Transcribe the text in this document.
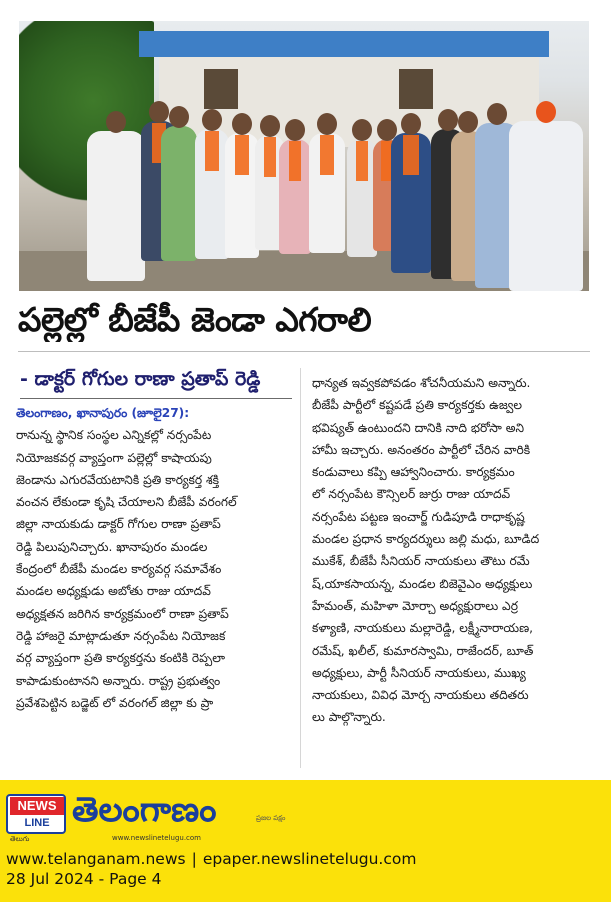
పల్లెల్లో బీజేపీ జెండా ఎగరాలి
- డాక్టర్ గోగుల రాణా ప్రతాప్ రెడ్డి
తెలంగాణం, ఖానాపురం (జూలై27):
రానున్న స్థానిక సంస్థల ఎన్నికల్లో నర్సంపేట
నియోజకవర్గ వ్యాప్తంగా పల్లెల్లో కాషాయపు
జెండాను ఎగురవేయటానికి ప్రతి కార్యకర్త శక్తి
వంచన లేకుండా కృషి చేయాలని బీజేపీ వరంగల్
జిల్లా నాయకుడు డాక్టర్ గోగుల రాణా ప్రతాప్
రెడ్డి పిలుపునిచ్చారు. ఖానాపురం మండల
కేంద్రంలో బీజేపీ మండల కార్యవర్గ సమావేశం
మండల అధ్యక్షుడు అబోతు రాజు యాదవ్
అధ్యక్షతన జరిగిన కార్యక్రమంలో రాణా ప్రతాప్
రెడ్డి హాజరై మాట్లాడుతూ నర్సంపేట నియోజక
వర్గ వ్యాప్తంగా ప్రతి కార్యకర్తను కంటికి రెప్పలా
కాపాడుకుంటానని అన్నారు. రాష్ట్ర ప్రభుత్వం
ప్రవేశపెట్టిన బడ్జెట్ లో వరంగల్ జిల్లా కు ప్రా
ధాన్యత ఇవ్వకపోవడం శోచనీయమని అన్నారు.
బీజేపీ పార్టీలో కష్టపడే ప్రతి కార్యకర్తకు ఉజ్వల
భవిష్యత్ ఉంటుందని దానికి నాది భరోసా అని
హామీ ఇచ్చారు. అనంతరం పార్టీలో చేరిన వారికి
కండువాలు కప్పి ఆహ్వానించారు. కార్యక్రమం
లో నర్సంపేట కౌన్సిలర్ జుర్రు రాజు యాదవ్
నర్సంపేట పట్టణ ఇంచార్జ్ గుడిపూడి రాధాకృష్ణ
మండల ప్రధాన కార్యదర్శులు జల్లి మధు, బూడిద
ముకేశ్, బీజేపీ సీనియర్ నాయకులు తౌటు రమే
ష్,యాకసాయన్న, మండల బిజెవైఎం అధ్యక్షులు
హేమంత్, మహిళా మోర్చా అధ్యక్షురాలు ఎర్ర
కళ్యాణి, నాయకులు మల్లారెడ్డి, లక్ష్మీనారాయణ,
రమేష్, ఖలీల్, కుమారస్వామి, రాజేందర్, బూత్
అధ్యక్షులు, పార్టీ సీనియర్ నాయకులు, ముఖ్య
నాయకులు, వివిధ మోర్చ నాయకులు తదితరు
లు పాల్గొన్నారు.
NEWS
LINE
తెలుగు
తెలంగాణం	ప్రజల పక్షం
www.newslinetelugu.com
www.telanganam.news | epaper.newslinetelugu.com
28 Jul 2024 - Page 4
